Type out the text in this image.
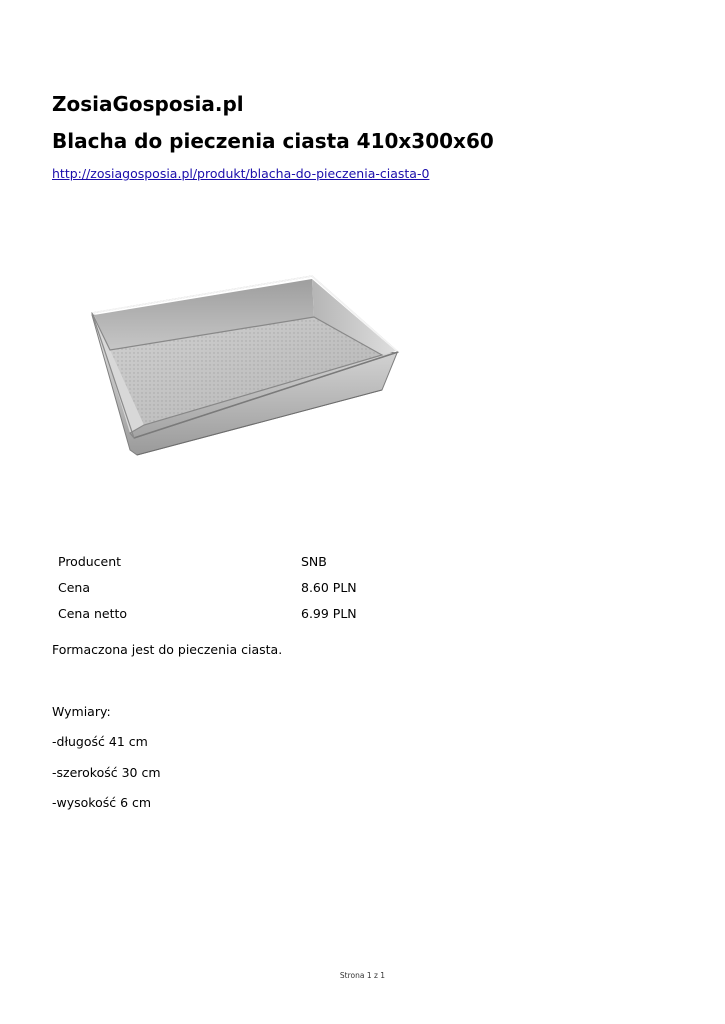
ZosiaGosposia.pl
Blacha do pieczenia ciasta 410x300x60
http://zosiagosposia.pl/produkt/blacha-do-pieczenia-ciasta-0
Producent	SNB
Cena	8.60 PLN
Cena netto	6.99 PLN

Formaczona jest do pieczenia ciasta.

Wymiary:

-długość 41 cm

-szerokość 30 cm

-wysokość 6 cm

Strona 1 z 1
